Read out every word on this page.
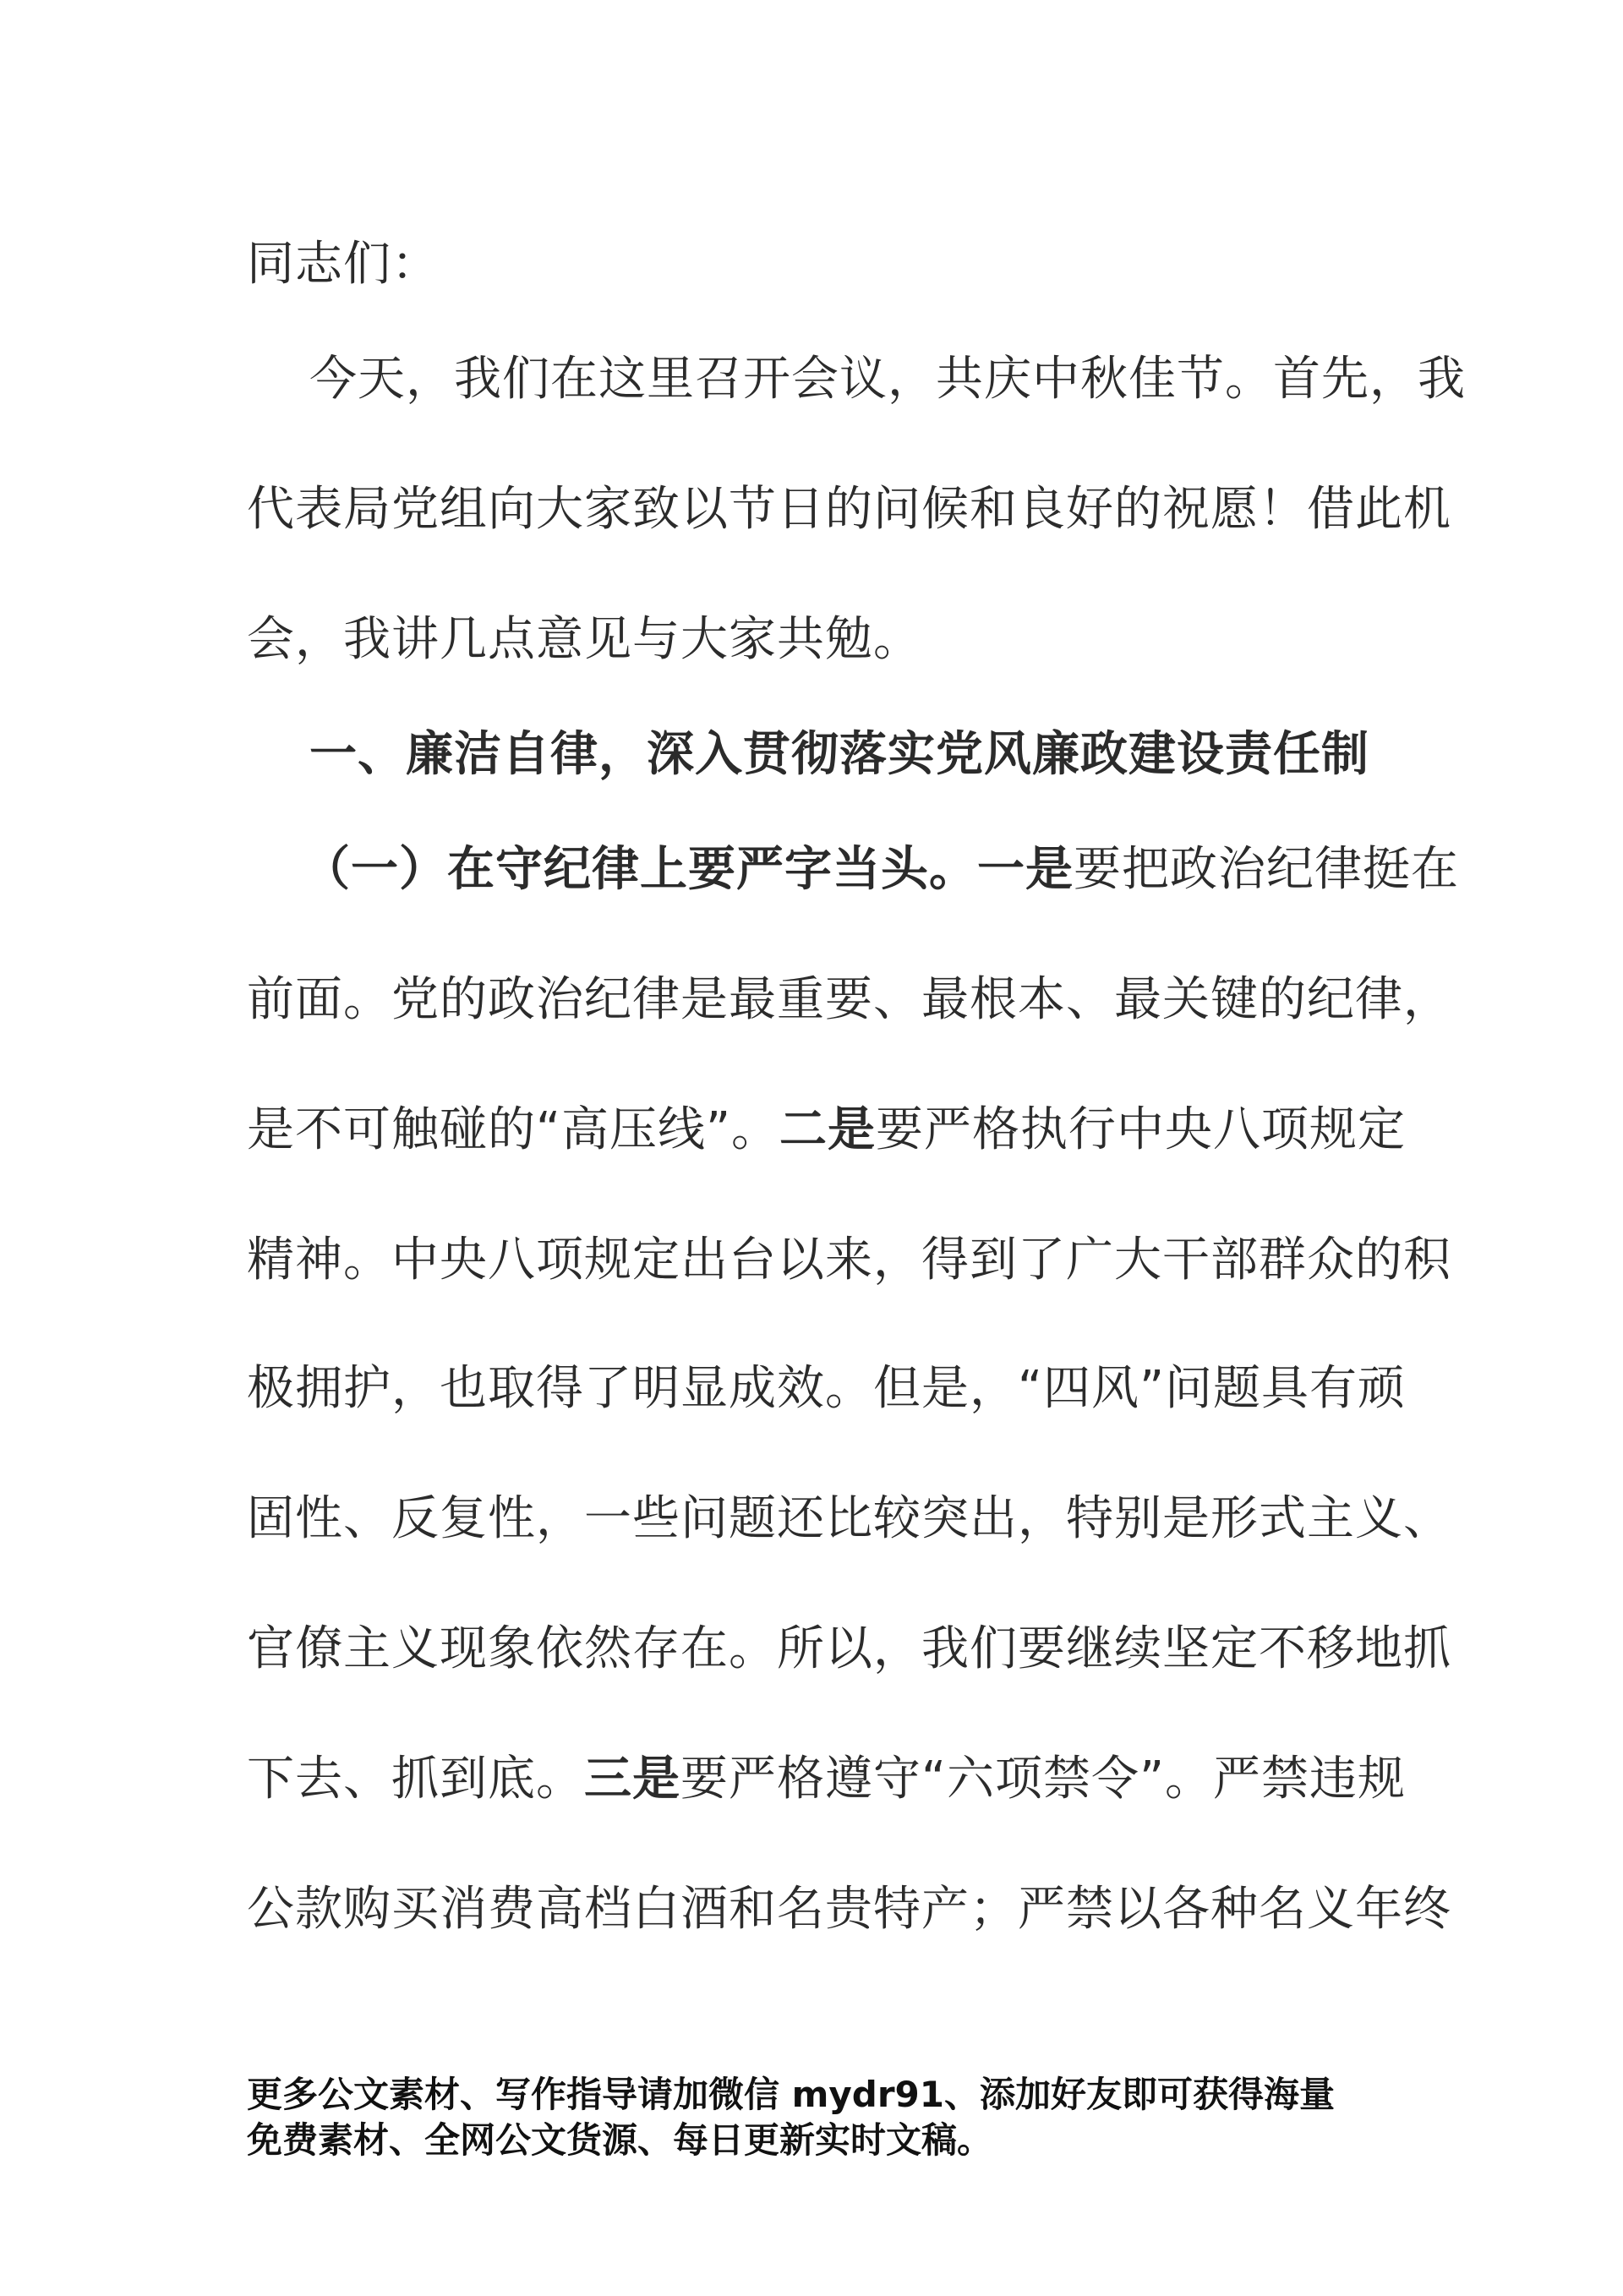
同志们：

今天，我们在这里召开会议，共庆中秋佳节。首先，我

代表局党组向大家致以节日的问候和良好的祝愿！借此机

会，我讲几点意见与大家共勉。

一、廉洁自律，深入贯彻落实党风廉政建设责任制

（一）在守纪律上要严字当头。一是要把政治纪律挺在

前面。党的政治纪律是最重要、最根本、最关键的纪律，

是不可触碰的“高压线”。二是要严格执行中央八项规定

精神。中央八项规定出台以来，得到了广大干部群众的积

极拥护，也取得了明显成效。但是，“四风”问题具有顽

固性、反复性，一些问题还比较突出，特别是形式主义、

官僚主义现象依然存在。所以，我们要继续坚定不移地抓

下去、抓到底。三是要严格遵守“六项禁令”。严禁违规

公款购买消费高档白酒和名贵特产；严禁以各种名义年终

更多公文素材、写作指导请加微信 mydr91、添加好友即可获得海量

免费素材、全网公文货源、每日更新实时文稿。
